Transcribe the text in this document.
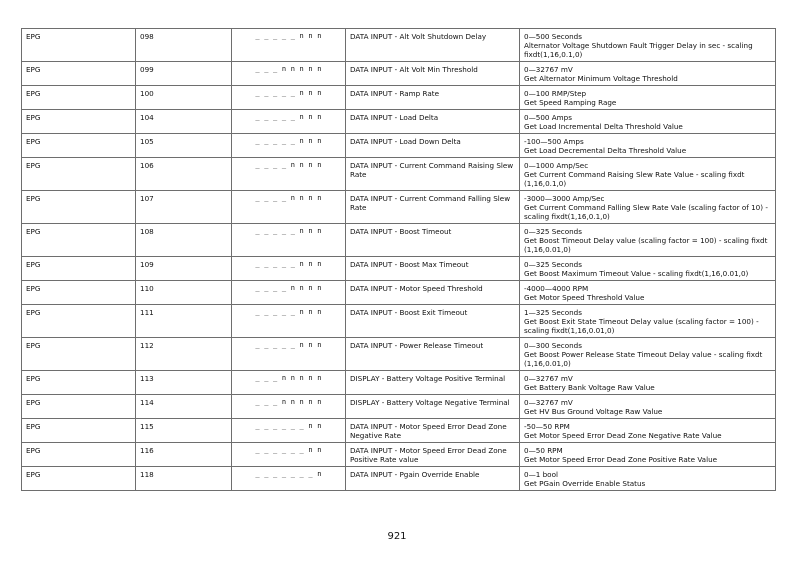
EPG	098	_ _ _ _ _ n n n	DATA INPUT - Alt Volt Shutdown Delay	0—500 Seconds
Alternator Voltage Shutdown Fault Trigger Delay in sec - scaling fixdt(1,16,0.1,0)

EPG	099	_ _ _ n n n n n	DATA INPUT - Alt Volt Min Threshold	0—32767 mV
Get Alternator Minimum Voltage Threshold

EPG	100	_ _ _ _ _ n n n	DATA INPUT - Ramp Rate	0—100 RMP/Step
Get Speed Ramping Rage

EPG	104	_ _ _ _ _ n n n	DATA INPUT - Load Delta	0—500 Amps
Get Load Incremental Delta Threshold Value

EPG	105	_ _ _ _ _ n n n	DATA INPUT - Load Down Delta	-100—500 Amps
Get Load Decremental Delta Threshold Value

EPG	106	_ _ _ _ n n n n	DATA INPUT - Current Command Raising Slew Rate	0—1000 Amp/Sec
Get Current Command Raising Slew Rate Value - scaling fixdt (1,16,0.1,0)

EPG	107	_ _ _ _ n n n n	DATA INPUT - Current Command Falling Slew Rate	-3000—3000 Amp/Sec
Get Current Command Falling Slew Rate Vale (scaling factor of 10) - scaling fixdt(1,16,0.1,0)

EPG	108	_ _ _ _ _ n n n	DATA INPUT - Boost Timeout	0—325 Seconds
Get Boost Timeout Delay value (scaling factor = 100) - scaling fixdt (1,16,0.01,0)

EPG	109	_ _ _ _ _ n n n	DATA INPUT - Boost Max Timeout	0—325 Seconds
Get Boost Maximum Timeout Value - scaling fixdt(1,16,0.01,0)

EPG	110	_ _ _ _ n n n n	DATA INPUT - Motor Speed Threshold	-4000—4000 RPM
Get Motor Speed Threshold Value

EPG	111	_ _ _ _ _ n n n	DATA INPUT - Boost Exit Timeout	1—325 Seconds
Get Boost Exit State Timeout Delay value (scaling factor = 100) - scaling fixdt(1,16,0.01,0)

EPG	112	_ _ _ _ _ n n n	DATA INPUT - Power Release Timeout	0—300 Seconds
Get Boost Power Release State Timeout Delay value - scaling fixdt (1,16,0.01,0)

EPG	113	_ _ _ n n n n n	DISPLAY - Battery Voltage Positive Terminal	0—32767 mV
Get Battery Bank Voltage Raw Value

EPG	114	_ _ _ n n n n n	DISPLAY - Battery Voltage Negative Terminal	0—32767 mV
Get HV Bus Ground Voltage Raw Value

EPG	115	_ _ _ _ _ _ n n	DATA INPUT - Motor Speed Error Dead Zone Negative Rate	-50—50 RPM
Get Motor Speed Error Dead Zone Negative Rate Value

EPG	116	_ _ _ _ _ _ n n	DATA INPUT - Motor Speed Error Dead Zone Positive Rate value	0—50 RPM
Get Motor Speed Error Dead Zone Positive Rate Value

EPG	118	_ _ _ _ _ _ _ n	DATA INPUT - Pgain Override Enable	0—1 bool
Get PGain Override Enable Status
921
